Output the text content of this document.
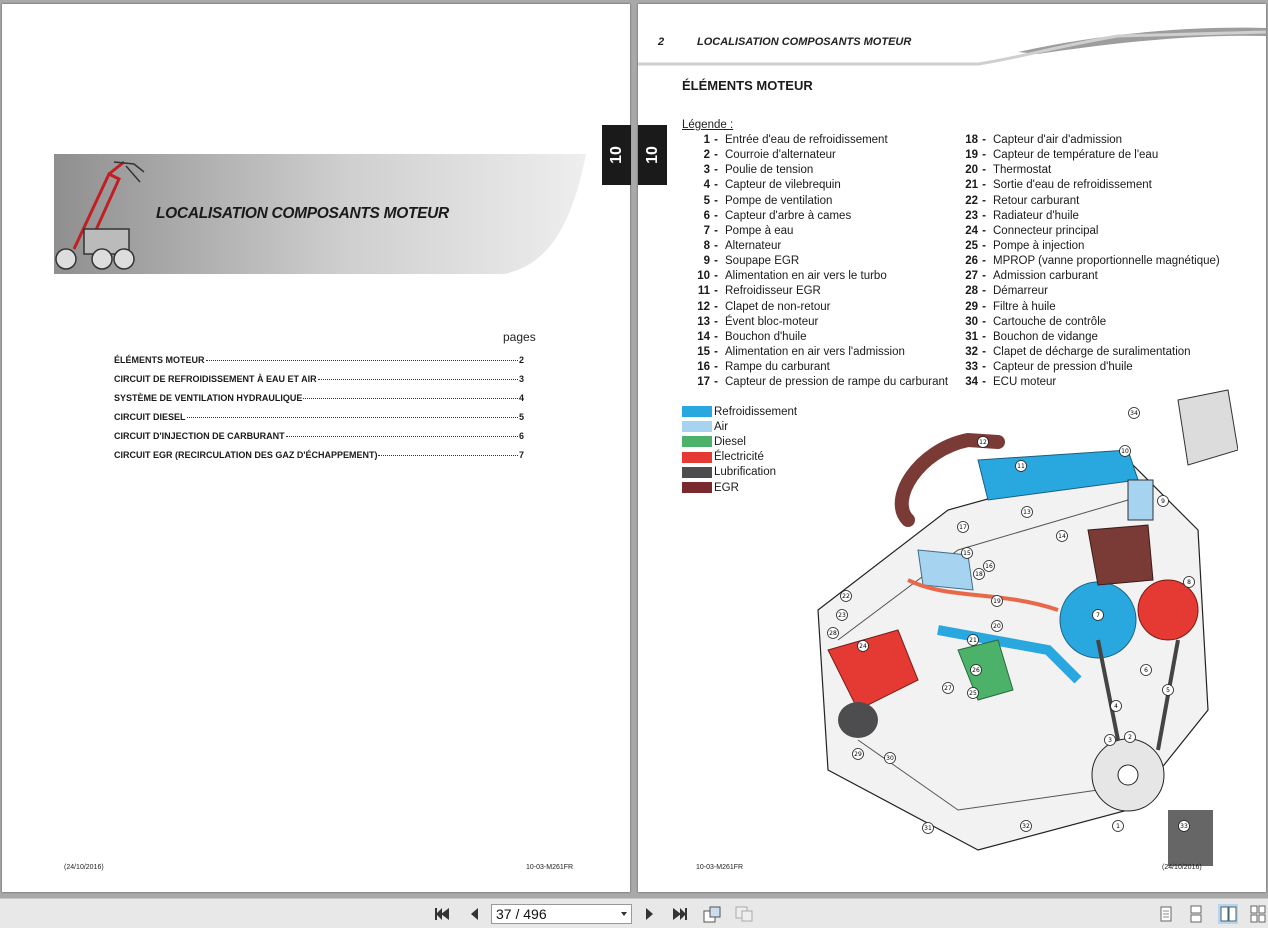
LOCALISATION COMPOSANTS MOTEUR
10
pages
ÉLÉMENTS MOTEUR	2
CIRCUIT DE REFROIDISSEMENT À EAU ET AIR	3
SYSTÈME DE VENTILATION HYDRAULIQUE	4
CIRCUIT DIESEL	5
CIRCUIT D'INJECTION DE CARBURANT	6
CIRCUIT EGR (RECIRCULATION DES GAZ D'ÉCHAPPEMENT)	7
(24/10/2016)	10-03-M261FR
2	LOCALISATION COMPOSANTS MOTEUR
10
ÉLÉMENTS MOTEUR
Légende :
1 - Entrée d'eau de refroidissement
2 - Courroie d'alternateur
3 - Poulie de tension
4 - Capteur de vilebrequin
5 - Pompe de ventilation
6 - Capteur d'arbre à cames
7 - Pompe à eau
8 - Alternateur
9 - Soupape EGR
10 - Alimentation en air vers le turbo
11 - Refroidisseur EGR
12 - Clapet de non-retour
13 - Évent bloc-moteur
14 - Bouchon d'huile
15 - Alimentation en air vers l'admission
16 - Rampe du carburant
17 - Capteur de pression de rampe du carburant
18 - Capteur d'air d'admission
19 - Capteur de température de l'eau
20 - Thermostat
21 - Sortie d'eau de refroidissement
22 - Retour carburant
23 - Radiateur d'huile
24 - Connecteur principal
25 - Pompe à injection
26 - MPROP (vanne proportionnelle magnétique)
27 - Admission carburant
28 - Démarreur
29 - Filtre à huile
30 - Cartouche de contrôle
31 - Bouchon de vidange
32 - Clapet de décharge de suralimentation
33 - Capteur de pression d'huile
34 - ECU moteur
Refroidissement
Air
Diesel
Électricité
Lubrification
EGR
1
2
3
4
5
6
7
8
9
10
11
12
13
14
15
16
17
18
19
20
21
22
23
24
25
26
27
28
29
30
31	32	33
34
10-03-M261FR	(24/10/2016)
37 / 496
